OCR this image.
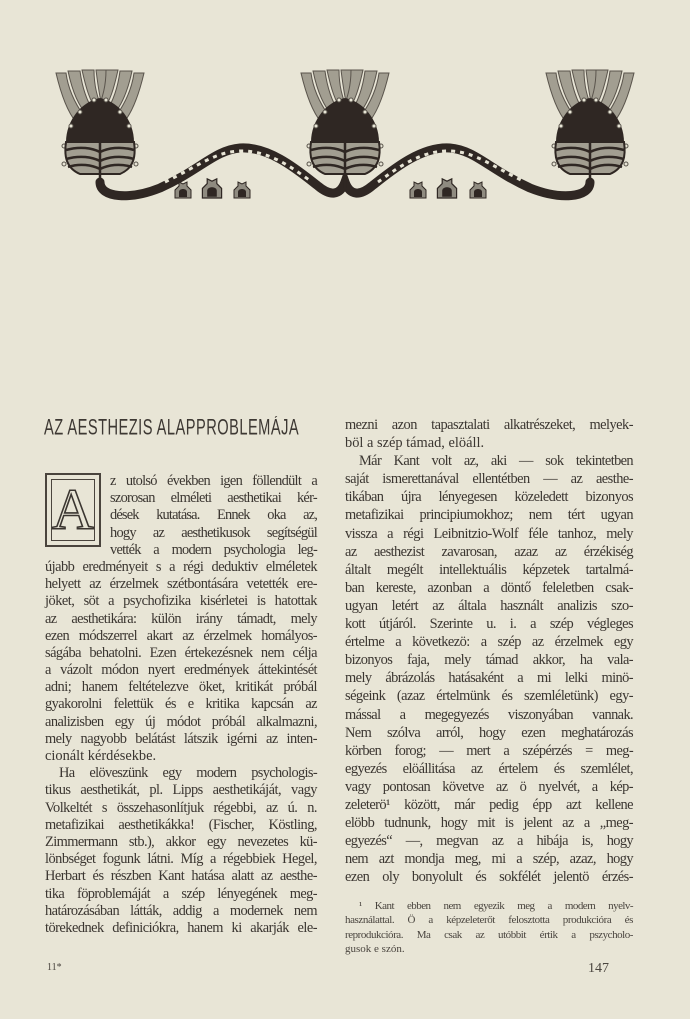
AZ AESTHEZIS ALAPPROBLEMÁJA
A z utolsó években igen föllendült a
szorosan elméleti aesthetikai kér-
dések kutatása. Ennek oka az,
hogy az aesthetikusok segítségül
vették a modern psychologia leg-
újabb eredményeit s a régi deduktiv elméletek
helyett az érzelmek szétbontására vetették ere-
jöket, söt a psychofizika kisérletei is hatottak
az aesthetikára: külön irány támadt, mely
ezen módszerrel akart az érzelmek homályos-
ságába behatolni. Ezen értekezésnek nem célja
a vázolt módon nyert eredmények áttekintését
adni; hanem feltételezve öket, kritikát próbál
gyakorolni felettük és e kritika kapcsán az
analizisben egy új módot próbál alkalmazni,
mely nagyobb belátást látszik igérni az inten-
cionált kérdésekbe.
Ha elöveszünk egy modern psychologis-
tikus aesthetikát, pl. Lipps aesthetikáját, vagy
Volkeltét s összehasonlítjuk régebbi, az ú. n.
metafizikai aesthetikákka! (Fischer, Köstling,
Zimmermann stb.), akkor egy nevezetes kü-
lönbséget fogunk látni. Míg a régebbiek Hegel,
Herbart és részben Kant hatása alatt az aesthe-
tika föproblemáját a szép lényegének meg-
határozásában látták, addig a modernek nem
törekednek definiciókra, hanem ki akarják ele-
mezni azon tapasztalati alkatrészeket, melyek-
böl a szép támad, elöáll.
Már Kant volt az, aki — sok tekintetben
saját ismerettanával ellentétben — az aesthe-
tikában újra lényegesen közeledett bizonyos
metafizikai principiumokhoz; nem tért ugyan
vissza a régi Leibnitzio-Wolf féle tanhoz, mely
az aesthezist zavarosan, azaz az érzékiség
általt megélt intellektuális képzetek tartalmá-
ban kereste, azonban a döntő feleletben csak-
ugyan letért az általa használt analizis szo-
kott útjáról. Szerinte u. i. a szép végleges
értelme a következö: a szép az érzelmek egy
bizonyos faja, mely támad akkor, ha vala-
mely ábrázolás hatásaként a mi lelki minö-
ségeink (azaz értelmünk és szemléletünk) egy-
mással a megegyezés viszonyában vannak.
Nem szólva arról, hogy ezen meghatározás
körben forog; — mert a szépérzés = meg-
egyezés elöállitása az értelem és szemlélet,
vagy pontosan követve az ö nyelvét, a kép-
zeleterö¹ között, már pedig épp azt kellene
elöbb tudnunk, hogy mit is jelent az a „meg-
egyezés“ —, megvan az a hibája is, hogy
nem azt mondja meg, mi a szép, azaz, hogy
ezen oly bonyolult és sokfélét jelentö érzés-
¹ Kant ebben nem egyezik meg a modern nyelv-
használattal. Ö a képzeleterőt felosztotta produkcióra és
reprodukcióra. Ma csak az utóbbit értik a pszycholo-
gusok e szón.
11*	147
